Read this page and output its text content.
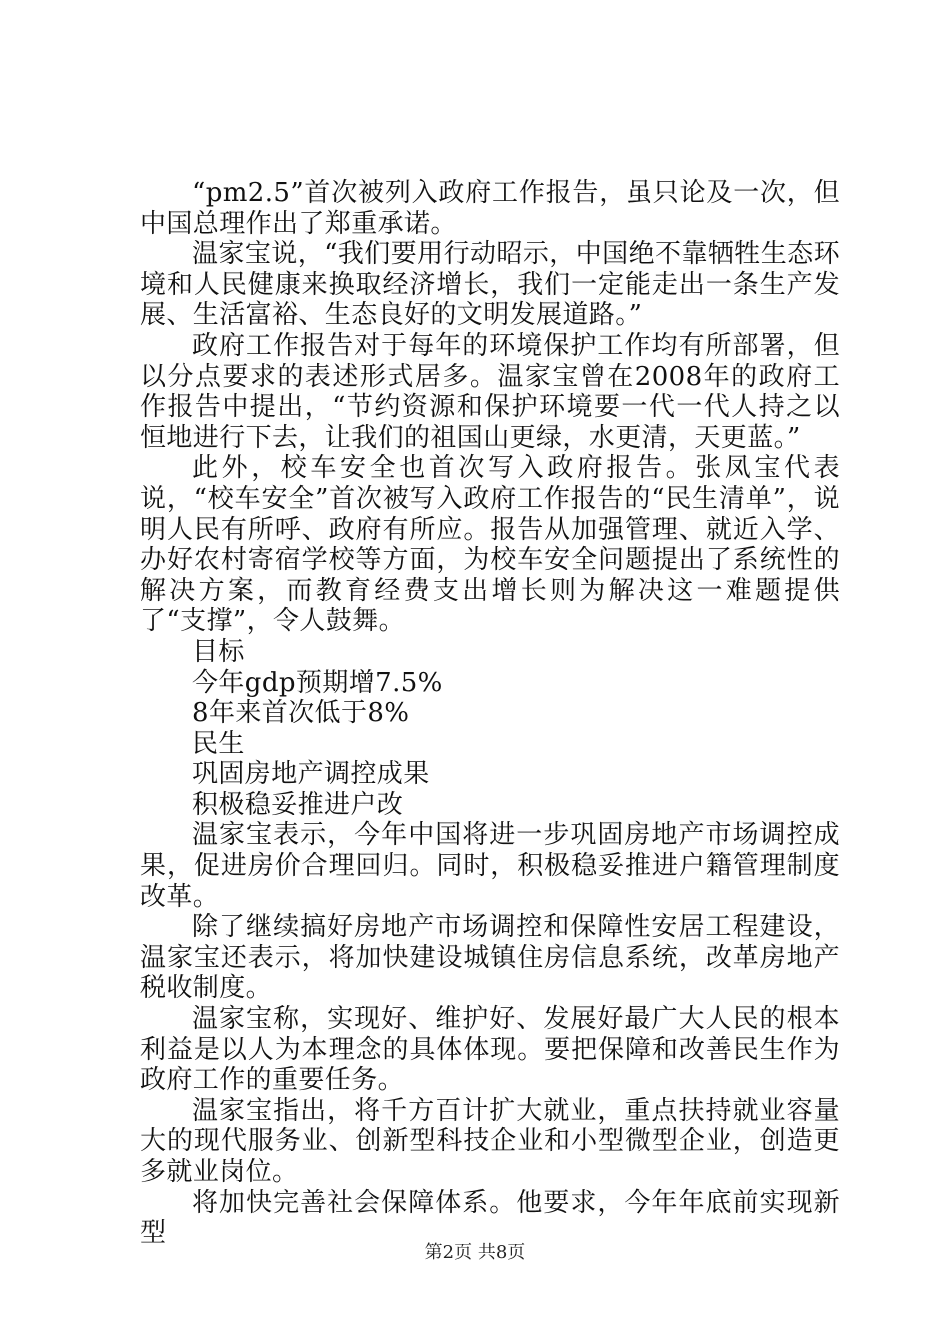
“pm2.5”首次被列入政府工作报告，虽只论及一次，但中国总理作出了郑重承诺。

温家宝说，“我们要用行动昭示，中国绝不靠牺牲生态环境和人民健康来换取经济增长，我们一定能走出一条生产发展、生活富裕、生态良好的文明发展道路。”

政府工作报告对于每年的环境保护工作均有所部署，但以分点要求的表述形式居多。温家宝曾在2008年的政府工作报告中提出，“节约资源和保护环境要一代一代人持之以恒地进行下去，让我们的祖国山更绿，水更清，天更蓝。”

此外，校车安全也首次写入政府报告。张凤宝代表说，“校车安全”首次被写入政府工作报告的“民生清单”，说明人民有所呼、政府有所应。报告从加强管理、就近入学、办好农村寄宿学校等方面，为校车安全问题提出了系统性的解决方案，而教育经费支出增长则为解决这一难题提供了“支撑”，令人鼓舞。

目标

今年gdp预期增7.5%

8年来首次低于8%

民生

巩固房地产调控成果

积极稳妥推进户改

温家宝表示，今年中国将进一步巩固房地产市场调控成果，促进房价合理回归。同时，积极稳妥推进户籍管理制度改革。

除了继续搞好房地产市场调控和保障性安居工程建设，温家宝还表示，将加快建设城镇住房信息系统，改革房地产税收制度。

温家宝称，实现好、维护好、发展好最广大人民的根本利益是以人为本理念的具体体现。要把保障和改善民生作为政府工作的重要任务。

温家宝指出，将千方百计扩大就业，重点扶持就业容量大的现代服务业、创新型科技企业和小型微型企业，创造更多就业岗位。

将加快完善社会保障体系。他要求，今年年底前实现新型

第2页 共8页
